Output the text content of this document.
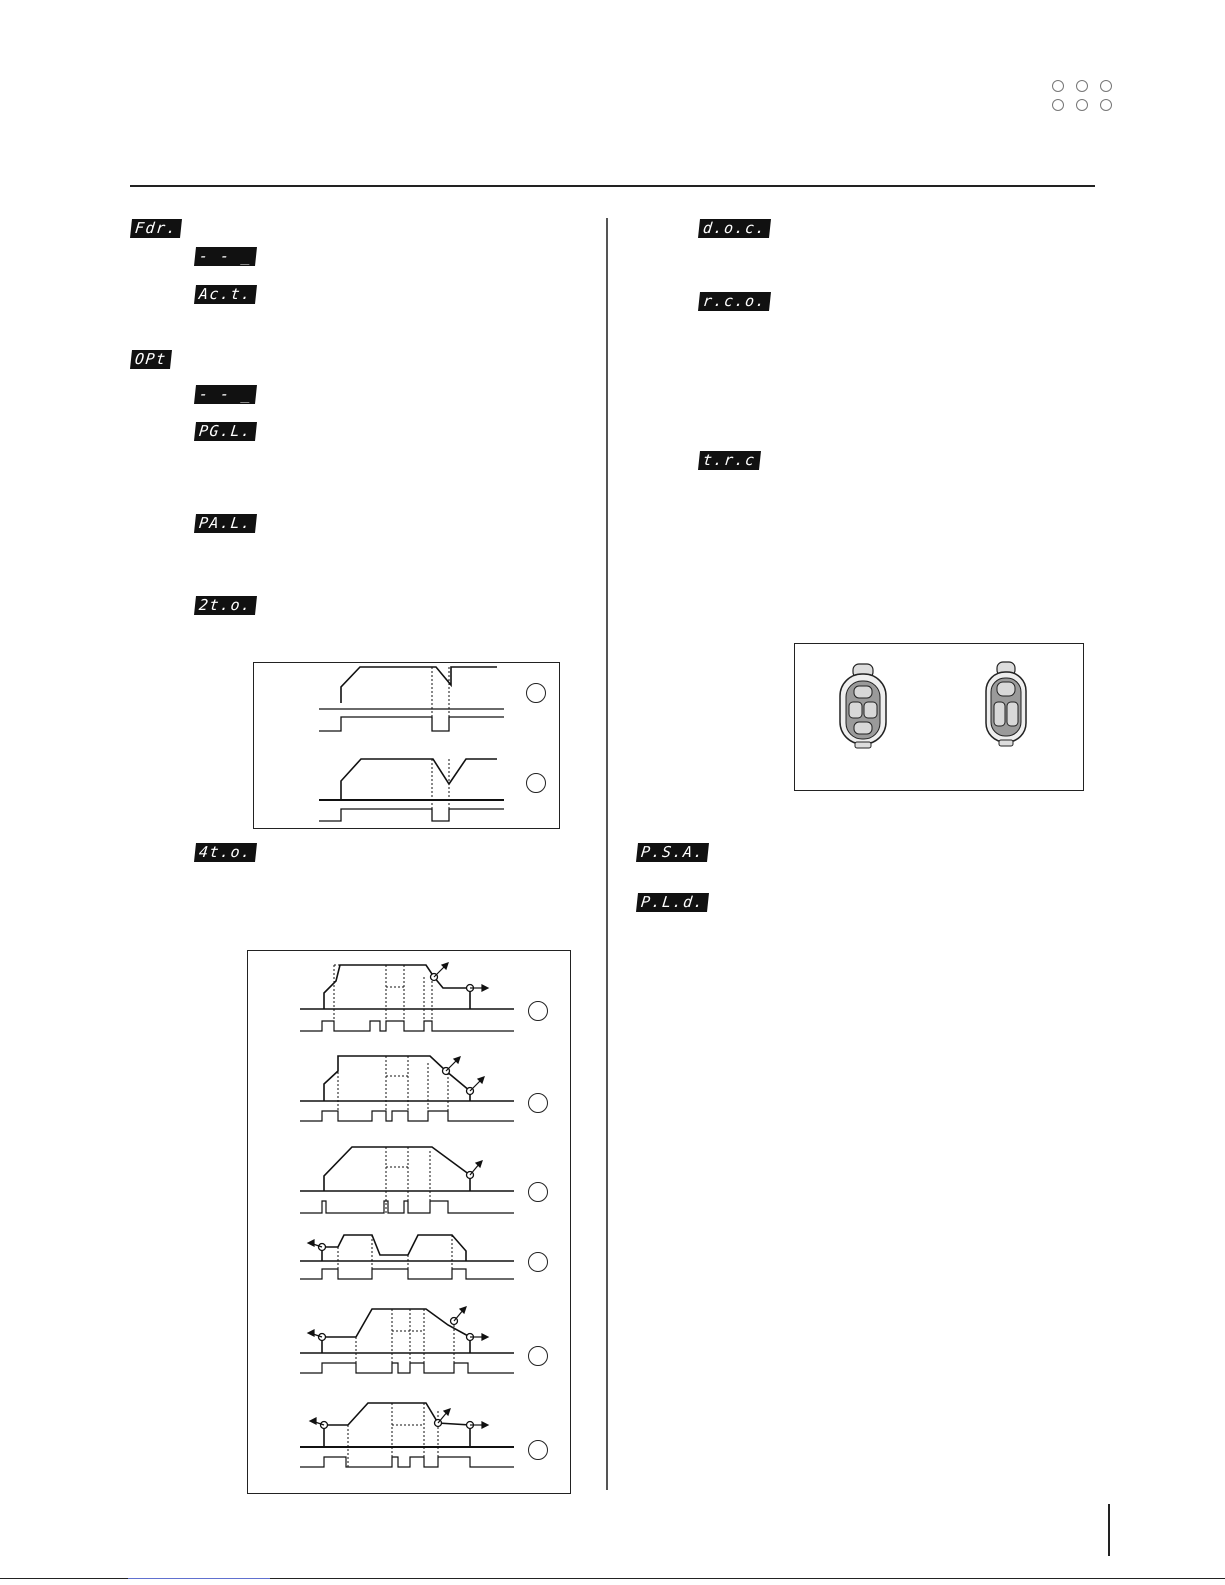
Fdr.
- - _
Ac.t.
OPt
- - _
PG.L.
PA.L.
2t.o.
4t.o.
d.o.c.
r.c.o.
t.r.c
P.S.A.
P.L.d.
